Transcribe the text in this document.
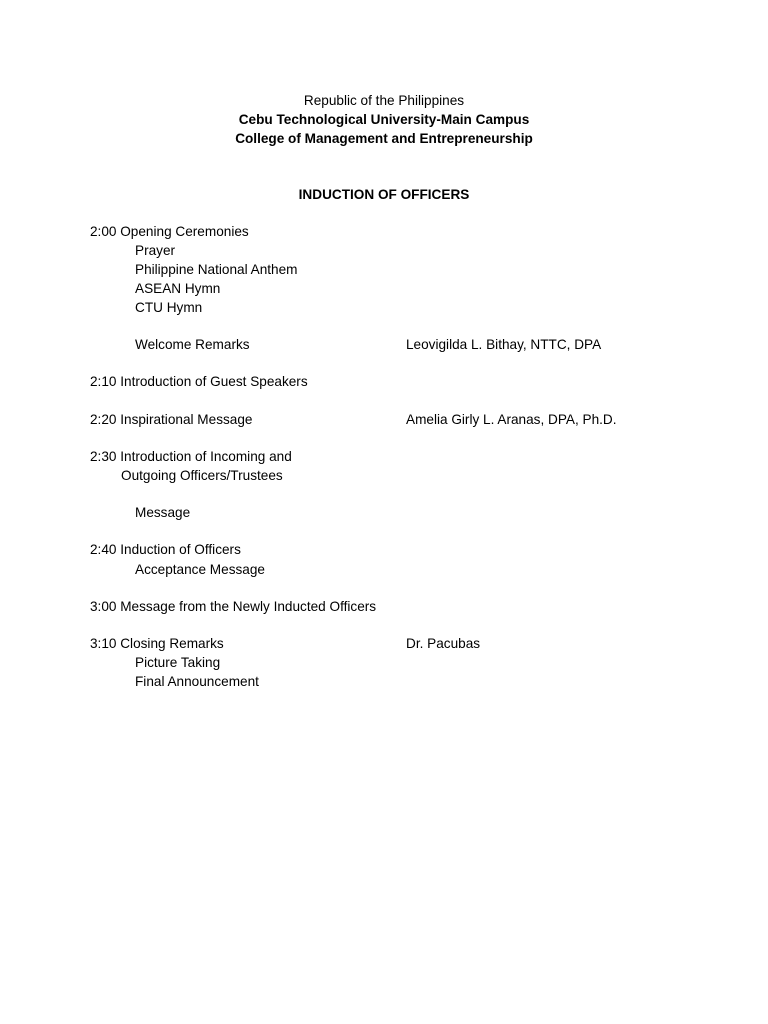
Republic of the Philippines
Cebu Technological University-Main Campus
College of Management and Entrepreneurship
INDUCTION OF OFFICERS
2:00 Opening Ceremonies
Prayer
Philippine National Anthem
ASEAN Hymn
CTU Hymn
Welcome Remarks	Leovigilda L. Bithay, NTTC, DPA
2:10 Introduction of Guest Speakers
2:20 Inspirational Message	Amelia Girly L. Aranas, DPA, Ph.D.
2:30 Introduction of Incoming and
Outgoing Officers/Trustees
Message
2:40 Induction of Officers
Acceptance Message
3:00 Message from the Newly Inducted Officers
3:10 Closing Remarks	Dr. Pacubas
Picture Taking
Final Announcement
